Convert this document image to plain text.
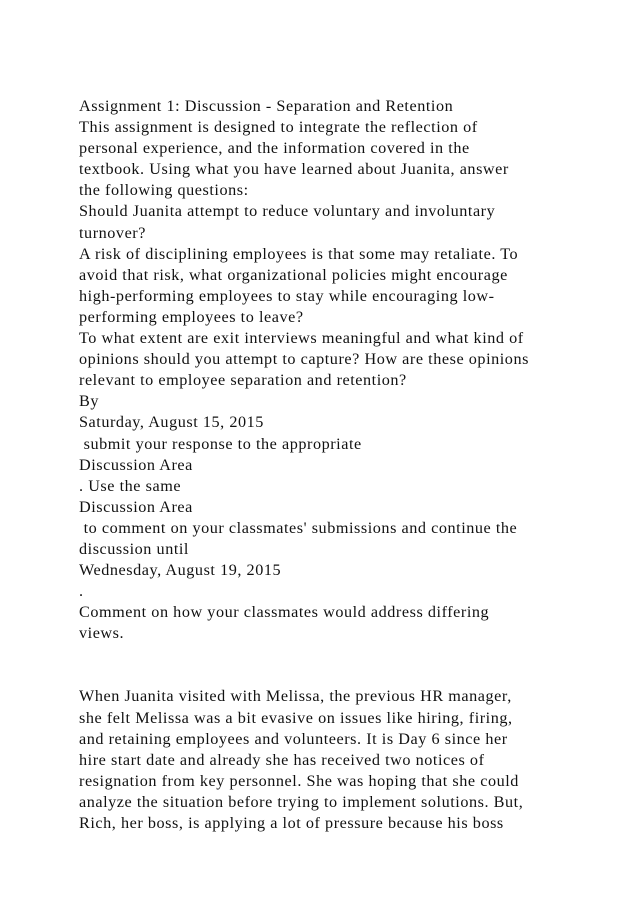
Assignment 1: Discussion - Separation and Retention
This assignment is designed to integrate the reflection of
personal experience, and the information covered in the
textbook. Using what you have learned about Juanita, answer
the following questions:
Should Juanita attempt to reduce voluntary and involuntary
turnover?
A risk of disciplining employees is that some may retaliate. To
avoid that risk, what organizational policies might encourage
high-performing employees to stay while encouraging low-
performing employees to leave?
To what extent are exit interviews meaningful and what kind of
opinions should you attempt to capture? How are these opinions
relevant to employee separation and retention?
By
Saturday, August 15, 2015
submit your response to the appropriate
Discussion Area
. Use the same
Discussion Area
to comment on your classmates' submissions and continue the
discussion until
Wednesday, August 19, 2015
.
Comment on how your classmates would address differing
views.
When Juanita visited with Melissa, the previous HR manager,
she felt Melissa was a bit evasive on issues like hiring, firing,
and retaining employees and volunteers. It is Day 6 since her
hire start date and already she has received two notices of
resignation from key personnel. She was hoping that she could
analyze the situation before trying to implement solutions. But,
Rich, her boss, is applying a lot of pressure because his boss
